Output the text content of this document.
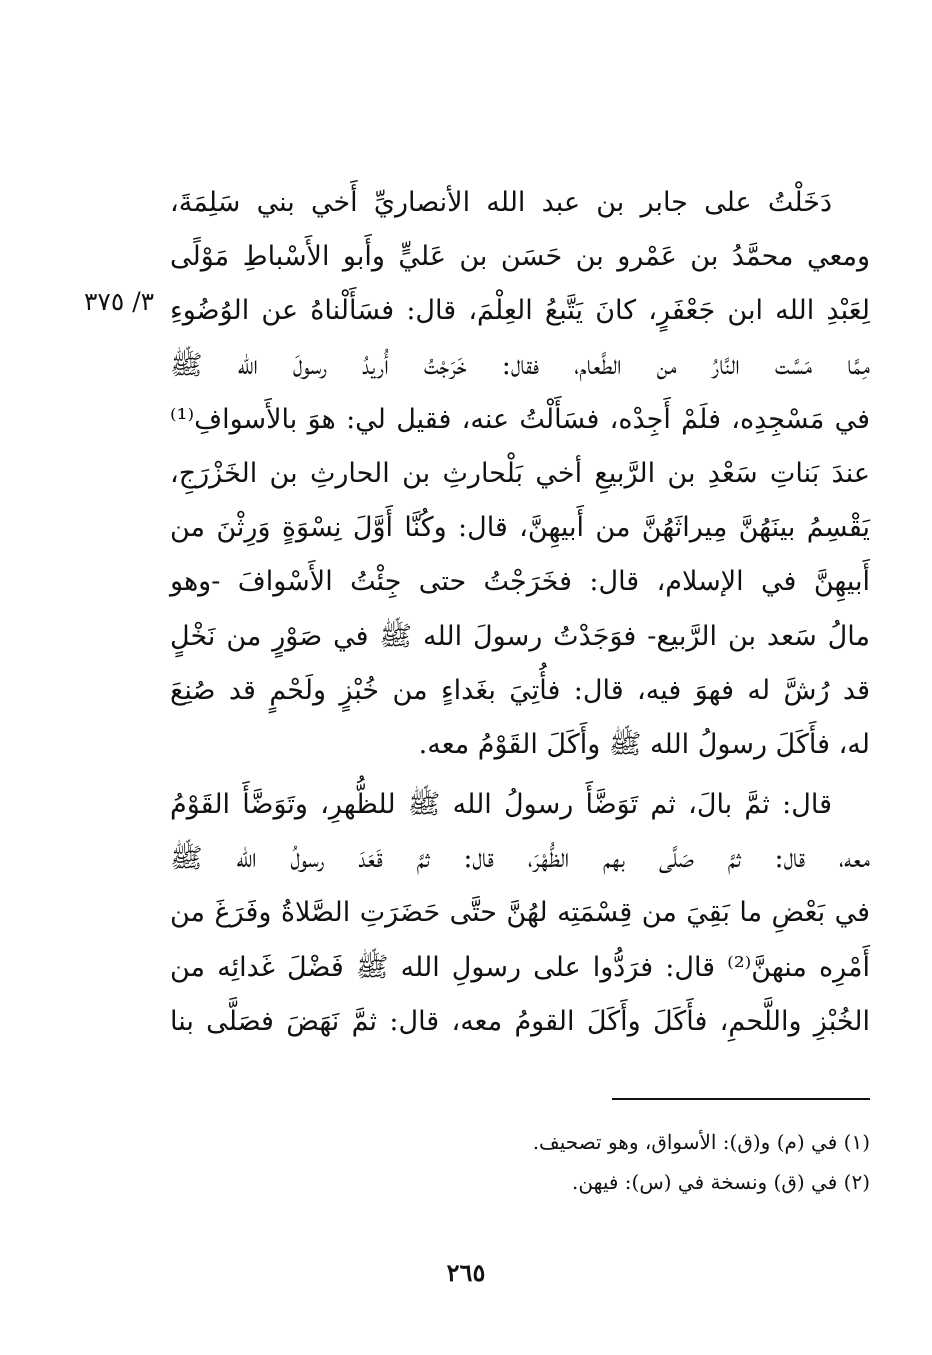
دَخَلْتُ على جابر بن عبد الله الأنصاريِّ أَخي بني سَلِمَةَ،
ومعي محمَّدُ بن عَمْرو بن حَسَن بن عَليٍّ وأَبو الأَسْباطِ مَوْلًى
لِعَبْدِ الله ابن جَعْفَرٍ، كانَ يَتَّبعُ العِلْمَ، قال: فسَأَلْناهُ عن الوُضُوءِ
مِمَّا مَسَّت النَّارُ من الطَّعام، فقال: خَرَجْتُ أُريدُ رسولَ الله ﷺ
في مَسْجِدِه، فلَمْ أَجِدْه، فسَأَلْتُ عنه، فقيل لي: هوَ بالأَسوافِ⁽¹⁾
عندَ بَناتِ سَعْدِ بن الرَّبيعِ أخي بَلْحارثِ بن الحارثِ بن الخَزْرَجِ،
يَقْسِمُ بينَهُنَّ مِيراثَهُنَّ من أَبيهِنَّ، قال: وكُنَّا أَوَّلَ نِسْوَةٍ وَرِثْنَ من
أَبيهِنَّ في الإسلام، قال: فخَرَجْتُ حتى جِئْتُ الأَسْوافَ -وهو
مالُ سَعد بن الرَّبيع- فوَجَدْتُ رسولَ الله ﷺ في صَوْرٍ من نَخْلٍ
قد رُشَّ له فهوَ فيه، قال: فأُتِيَ بغَداءٍ من خُبْزٍ ولَحْمٍ قد صُنِعَ
له، فأَكَلَ رسولُ الله ﷺ وأَكَلَ القَوْمُ معه.
قال: ثمَّ بالَ، ثم تَوَضَّأَ رسولُ الله ﷺ للظُّهرِ، وتَوَضَّأَ القَوْمُ
معه، قال: ثمَّ صَلَّى بهم الظُّهْرَ، قال: ثمَّ قَعَدَ رسولُ الله ﷺ
في بَعْضِ ما بَقِيَ من قِسْمَتِه لهُنَّ حتَّى حَضَرَتِ الصَّلاةُ وفَرَغَ من
أَمْرِه منهنَّ⁽²⁾ قال: فرَدُّوا على رسولِ الله ﷺ فَضْلَ غَدائِه من
الخُبْزِ واللَّحمِ، فأَكَلَ وأَكَلَ القومُ معه، قال: ثمَّ نَهَضَ فصَلَّى بنا
٣/ ٣٧٥
(١) في (م) و(ق): الأسواق، وهو تصحيف.
(٢) في (ق) ونسخة في (س): فيهن.
٢٦٥
